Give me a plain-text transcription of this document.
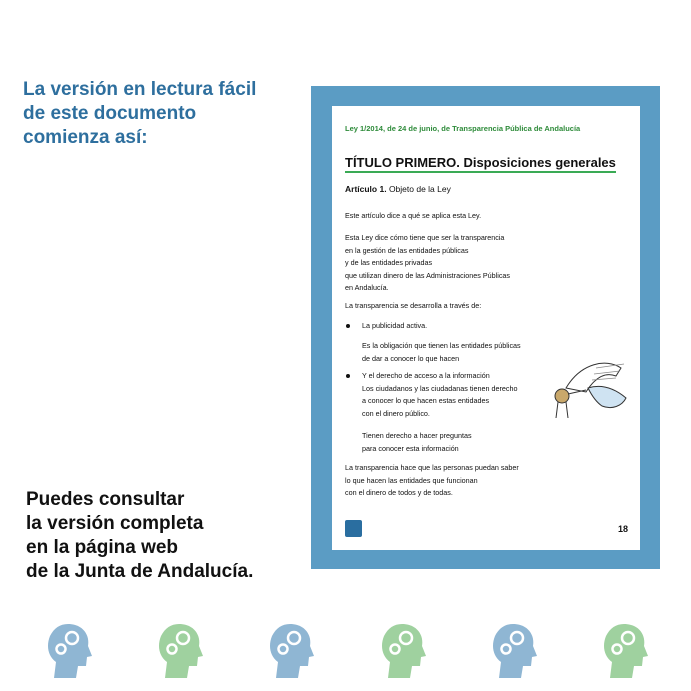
La versión en lectura fácil
de este documento
comienza así:

Puedes consultar
la versión completa
en la página web
de la Junta de Andalucía.

Ley 1/2014, de 24 de junio, de Transparencia Pública de Andalucía
TÍTULO PRIMERO. Disposiciones generales
Artículo 1. Objeto de la Ley

Este artículo dice a qué se aplica esta Ley.

Esta Ley dice cómo tiene que ser la transparencia
en la gestión de las entidades públicas
y de las entidades privadas
que utilizan dinero de las Administraciones Públicas
en Andalucía.

La transparencia se desarrolla a través de:

La publicidad activa.

Es la obligación que tienen las entidades públicas
de dar a conocer lo que hacen

Y el derecho de acceso a la información
Los ciudadanos y las ciudadanas tienen derecho
a conocer lo que hacen estas entidades
con el dinero público.

Tienen derecho a hacer preguntas
para conocer esta información

La transparencia hace que las personas puedan saber
lo que hacen las entidades que funcionan
con el dinero de todos y de todas.

18
